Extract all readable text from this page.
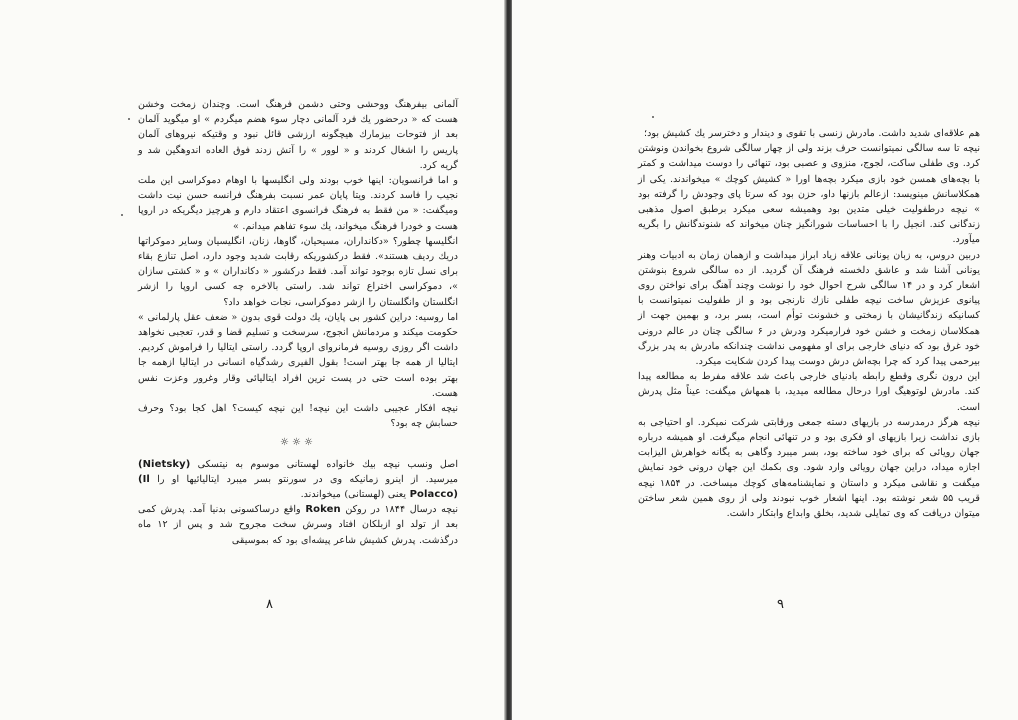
آلمانی بیفرهنگ ووحشی وحتی دشمن فرهنگ است. وچندان زمخت وخشن هست که « درحضور یك فرد آلمانی دچار سوء هضم میگردم » او میگوید آلمان بعد از فتوحات بیزمارك هیچگونه ارزشی قائل نبود و وقتیکه نیروهای آلمان پاریس را اشغال کردند و « لوور » را آتش زدند فوق العاده اندوهگین شد و گریه کرد.

و اما فرانسویان: اینها خوب بودند ولی انگلیسها با اوهام دموکراسی این ملت نجیب را فاسد کردند. ویتا پایان عمر نسبت بفرهنگ فرانسه حسن نیت داشت ومیگفت: « من فقط به فرهنگ فرانسوی اعتقاد دارم و هرچیز دیگریکه در اروپا هست و خودرا فرهنگ میخواند، یك سوء تفاهم میدانم. »

انگلیسها چطور؟ «دکانداران، مسیحیان، گاوها، زنان، انگلیسیان وسایر دموکراتها دریك ردیف هستند». فقط درکشوریکه رقابت شدید وجود دارد، اصل تنازع بقاء برای نسل تازه بوجود تواند آمد. فقط درکشور « دکانداران » و « کشتی سازان »، دموکراسی اختراع تواند شد. راستی بالاخره چه کسی اروپا را ازشر انگلستان وانگلستان را ازشر دموکراسی، نجات خواهد داد؟

اما روسیه: دراین کشور بی پایان، یك دولت قوی بدون « ضعف عقل پارلمانی » حکومت میکند و مردمانش انجوج، سرسخت و تسلیم قضا و قدر، تعجبی نخواهد داشت اگر روزی روسیه فرمانروای اروپا گردد. راستی ایتالیا را فراموش کردیم. ایتالیا از همه جا بهتر است! بقول الفیری رشدگیاه انسانی در ایتالیا ازهمه جا بهتر بوده است حتی در پست ترین افراد ایتالیائی وقار وغرور وعزت نفس هست.

نیچه افکار عجیبی داشت این نیچه! این نیچه کیست؟ اهل کجا بود؟ وحرف حسابش چه بود؟

☼☼☼

اصل ونسب نیچه بیك خانواده لهستانی موسوم به نیتسکی (Nietsky) میرسید. از اینرو زمانیکه وی در سورنتو بسر میبرد ایتالیائیها او را (Il Polacco) یعنی (لهستانی) میخواندند.

نیچه درسال ۱۸۴۴ در روکن Roken واقع درساکسونی بدنیا آمد. پدرش کمی بعد از تولد او ازبلکان افتاد وسرش سخت مجروح شد و پس از ۱۲ ماه درگذشت. پدرش کشیش شاعر پیشه‌ای بود که بموسیقی

۸

هم علاقه‌ای شدید داشت. مادرش زنسی با تقوی و دیندار و دخترسر یك کشیش بود؛

نیچه تا سه سالگی نمیتوانست حرف بزند ولی از چهار سالگی شروع بخواندن ونوشتن کرد. وی طفلی ساکت، لجوج، منزوی و عصبی بود، تنهائی را دوست میداشت و کمتر با بچه‌های همسن خود بازی میکرد بچه‌ها اورا « کشیش کوچك » میخواندند. یکی از همکلاسانش مینویسد: ازعالم بازنها داو، حزن بود که سرتا پای وجودش را گرفته بود » نیچه درطفولیت خیلی متدین بود وهمیشه سعی میکرد برطبق اصول مذهبی زندگانی کند. انجیل را با احساسات شورانگیز چنان میخواند که شنوندگانش را بگریه میآورد.

دربین دروس، به زبان یونانی علاقه زیاد ابراز میداشت و ازهمان زمان به ادبیات وهنر یونانی آشنا شد و عاشق دلخسته فرهنگ آن گردید. از ده سالگی شروع بنوشتن اشعار کرد و در ۱۴ سالگی شرح احوال خود را نوشت وچند آهنگ برای نواختن روی پیانوی عزیزش ساخت نیچه طفلی نازك نارنجی بود و از طفولیت نمیتوانست با کسانیکه زندگانیشان با زمختی و خشونت توأم است، بسر برد، و بهمین جهت از همکلاسان زمخت و خشن خود فرارمیکرد ودرش در ۶ سالگی چنان در عالم درونی خود غرق بود که دنیای خارجی برای او مفهومی نداشت چندانکه مادرش به پدر بزرگ بیرحمی پیدا کرد که چرا بچه‌اش درش دوست پیدا کردن شکایت میکرد.

این درون نگری وقطع رابطه بادنیای خارجی باعث شد علاقه مفرط به مطالعه پیدا کند. مادرش لوتوهیگ اورا درحال مطالعه میدید، با همهاش میگفت: عیناً مثل پدرش است.

نیچه هرگز درمدرسه در بازیهای دسته جمعی ورقابتی شرکت نمیکرد. او احتیاجی به بازی نداشت زیرا بازیهای او فکری بود و در تنهائی انجام میگرفت. او همیشه درباره جهان رویائی که برای خود ساخته بود، بسر میبرد وگاهی به یگانه خواهرش الیزابت اجازه میداد، دراین جهان رویائی وارد شود. وی بکمك این جهان درونی خود نمایش میگفت و نقاشی میکرد و داستان و نمایشنامه‌های کوچك میساخت. در ۱۸۵۴ نیچه قریب ۵۵ شعر نوشته بود. اینها اشعار خوب نبودند ولی از روی همین شعر ساختن میتوان دریافت که وی تمایلی شدید، بخلق وابداع وابتکار داشت.

۹
